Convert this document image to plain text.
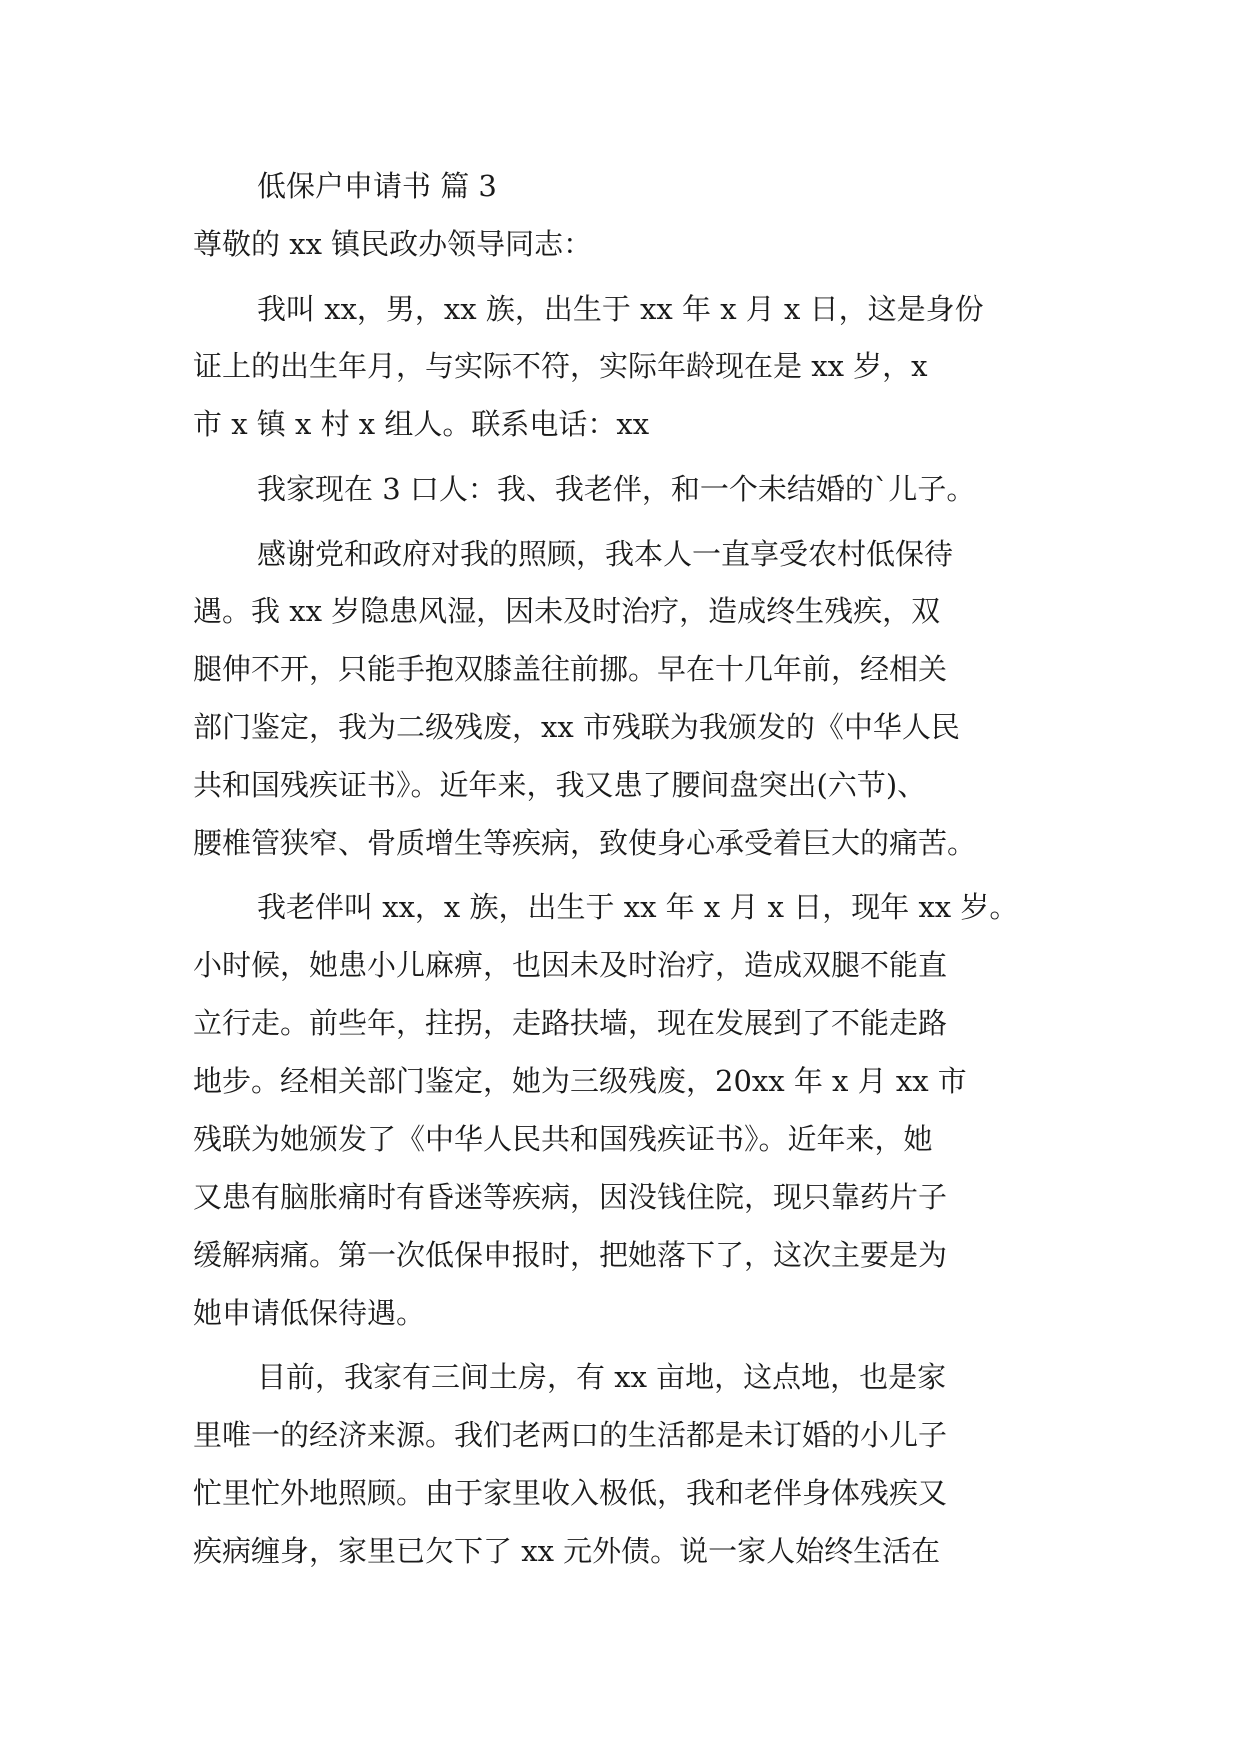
低保户申请书 篇 3
尊敬的 xx 镇民政办领导同志：
我叫 xx，男，xx 族，出生于 xx 年 x 月 x 日，这是身份
证上的出生年月，与实际不符，实际年龄现在是 xx 岁，x
市 x 镇 x 村 x 组人。联系电话：xx
我家现在 3 口人：我、我老伴，和一个未结婚的`儿子。
感谢党和政府对我的照顾，我本人一直享受农村低保待
遇。我 xx 岁隐患风湿，因未及时治疗，造成终生残疾，双
腿伸不开，只能手抱双膝盖往前挪。早在十几年前，经相关
部门鉴定，我为二级残废，xx 市残联为我颁发的《中华人民
共和国残疾证书》。近年来，我又患了腰间盘突出(六节)、
腰椎管狭窄、骨质增生等疾病，致使身心承受着巨大的痛苦。
我老伴叫 xx，x 族，出生于 xx 年 x 月 x 日，现年 xx 岁。
小时候，她患小儿麻痹，也因未及时治疗，造成双腿不能直
立行走。前些年，拄拐，走路扶墙，现在发展到了不能走路
地步。经相关部门鉴定，她为三级残废，20xx 年 x 月 xx 市
残联为她颁发了《中华人民共和国残疾证书》。近年来，她
又患有脑胀痛时有昏迷等疾病，因没钱住院，现只靠药片子
缓解病痛。第一次低保申报时，把她落下了，这次主要是为
她申请低保待遇。
目前，我家有三间土房，有 xx 亩地，这点地，也是家
里唯一的经济来源。我们老两口的生活都是未订婚的小儿子
忙里忙外地照顾。由于家里收入极低，我和老伴身体残疾又
疾病缠身，家里已欠下了 xx 元外债。说一家人始终生活在
